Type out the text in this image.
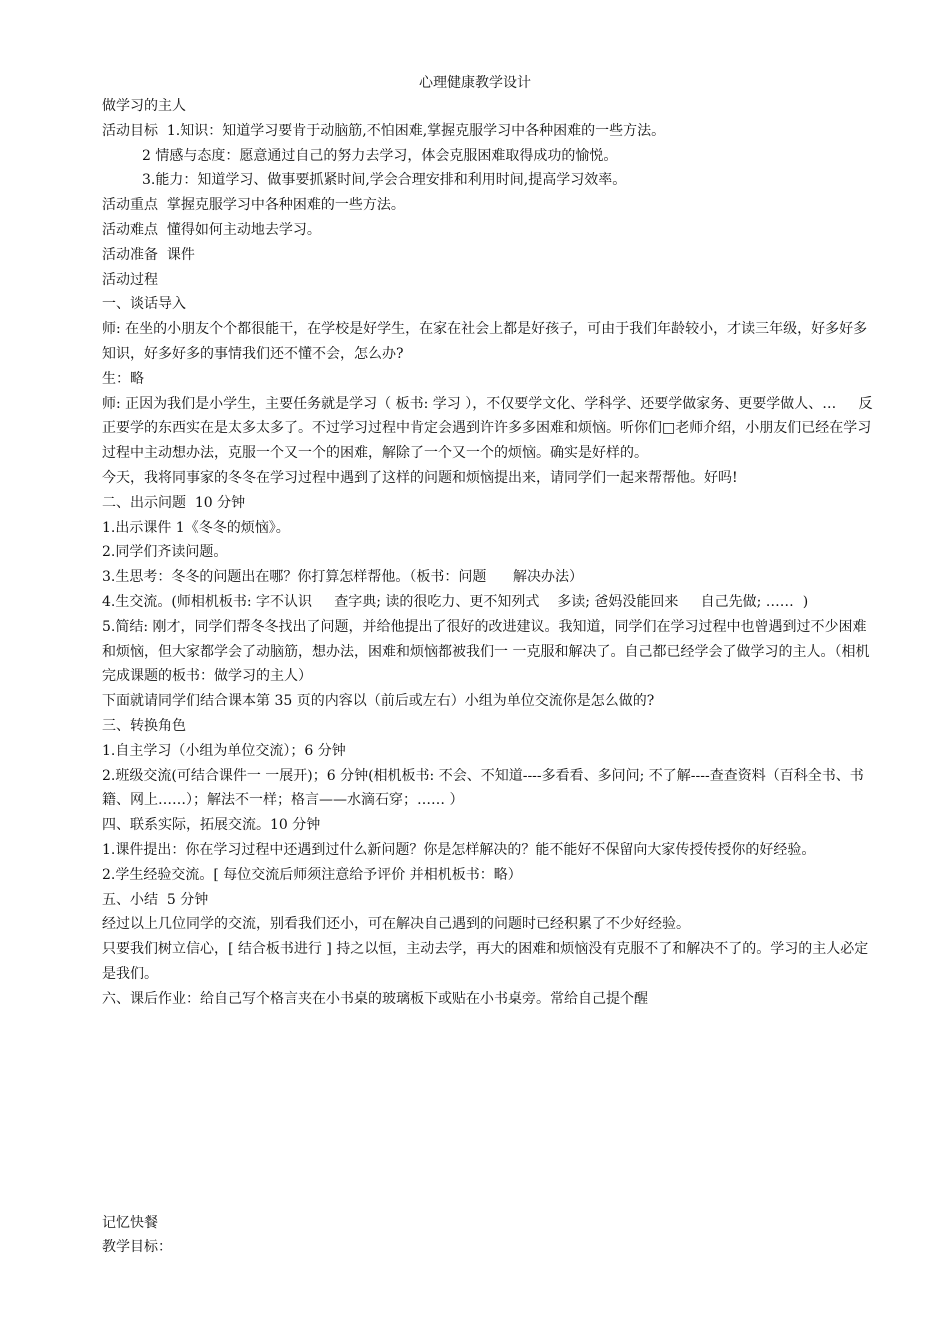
心理健康教学设计

做学习的主人

活动目标  1.知识：知道学习要肯于动脑筋,不怕困难,掌握克服学习中各种困难的一些方法。

2 情感与态度：愿意通过自己的努力去学习，体会克服困难取得成功的愉悦。

3.能力：知道学习、做事要抓紧时间,学会合理安排和利用时间,提高学习效率。

活动重点  掌握克服学习中各种困难的一些方法。

活动难点  懂得如何主动地去学习。

活动准备  课件

活动过程

一、谈话导入

师: 在坐的小朋友个个都很能干，在学校是好学生，在家在社会上都是好孩子，可由于我们年龄较小，才读三年级，好多好多知识，好多好多的事情我们还不懂不会，怎么办?

生：略

师: 正因为我们是小学生，主要任务就是学习（ 板书: 学习 ），不仅要学文化、学科学、还要学做家务、更要学做人、…     反正要学的东西实在是太多太多了。不过学习过程中肯定会遇到许许多多困难和烦恼。听你们□老师介绍，小朋友们已经在学习过程中主动想办法，克服一个又一个的困难，解除了一个又一个的烦恼。确实是好样的。

今天，我将同事家的冬冬在学习过程中遇到了这样的问题和烦恼提出来，请同学们一起来帮帮他。好吗!

二、出示问题  10 分钟

1.出示课件 1《冬冬的烦恼》。

2.同学们齐读问题。

3.生思考：冬冬的问题出在哪？你打算怎样帮他。（板书：问题      解决办法）

4.生交流。(师相机板书: 字不认识     查字典; 读的很吃力、更不知列式    多读; 爸妈没能回来     自己先做; ……  )

5.简结: 刚才，同学们帮冬冬找出了问题，并给他提出了很好的改进建议。我知道，同学们在学习过程中也曾遇到过不少困难和烦恼，但大家都学会了动脑筋，想办法，困难和烦恼都被我们一 一克服和解决了。自己都已经学会了做学习的主人。（相机完成课题的板书：做学习的主人）

下面就请同学们结合课本第 35 页的内容以（前后或左右）小组为单位交流你是怎么做的?

三、转换角色

1.自主学习（小组为单位交流）；6 分钟

2.班级交流(可结合课件一 一展开)；6 分钟(相机板书: 不会、不知道----多看看、多问问; 不了解----查查资料（百科全书、书籍、网上……）；解法不一样；格言——水滴石穿；…… ）

四、联系实际，拓展交流。10 分钟

1.课件提出：你在学习过程中还遇到过什么新问题？你是怎样解决的？能不能好不保留向大家传授传授你的好经验。

2.学生经验交流。[ 每位交流后师须注意给予评价 并相机板书：略）

五、小结  5 分钟

经过以上几位同学的交流，别看我们还小，可在解决自己遇到的问题时已经积累了不少好经验。

只要我们树立信心，[ 结合板书进行 ] 持之以恒，主动去学，再大的困难和烦恼没有克服不了和解决不了的。学习的主人必定是我们。

六、课后作业：给自己写个格言夹在小书桌的玻璃板下或贴在小书桌旁。常给自己提个醒

记忆快餐

教学目标：
